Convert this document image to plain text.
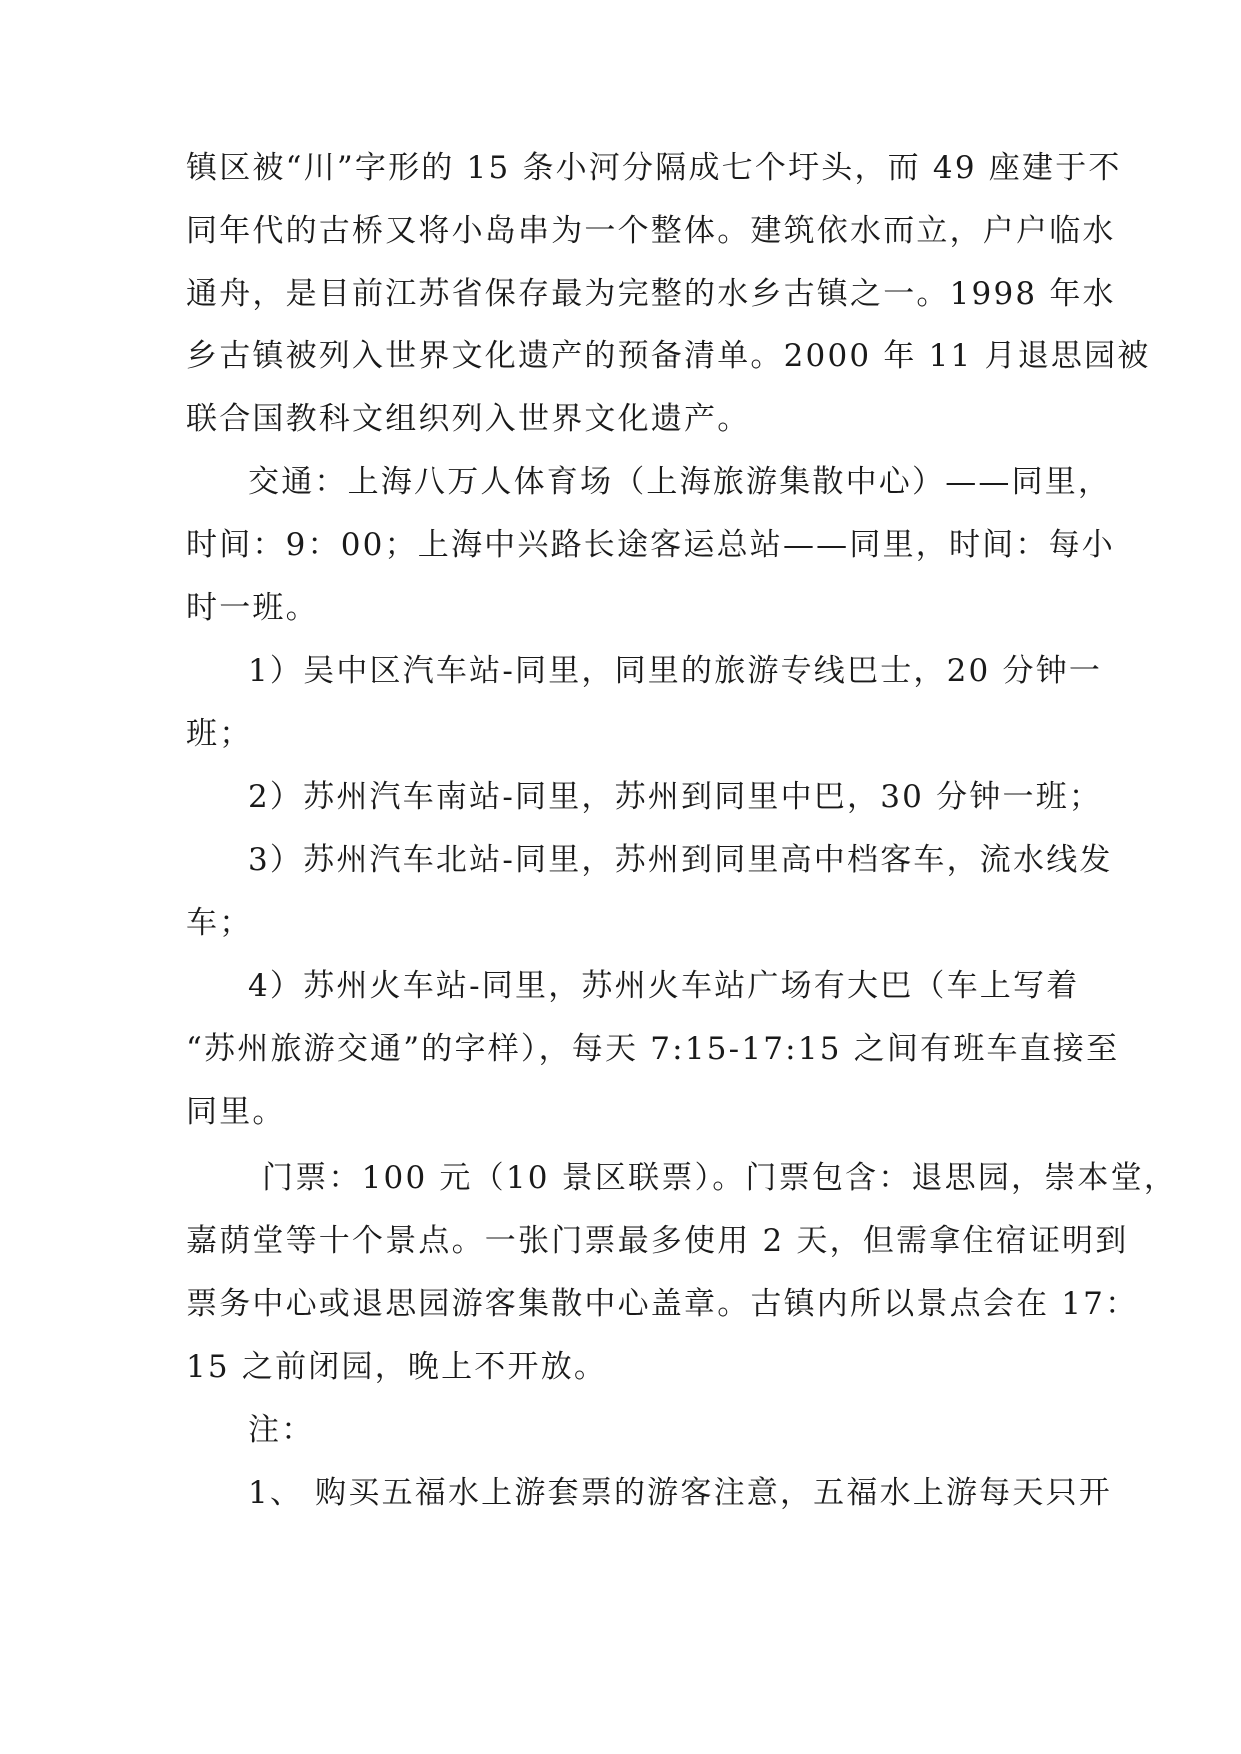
镇区被“川”字形的 15 条小河分隔成七个圩头，而 49 座建于不
同年代的古桥又将小岛串为一个整体。建筑依水而立，户户临水
通舟，是目前江苏省保存最为完整的水乡古镇之一。1998 年水
乡古镇被列入世界文化遗产的预备清单。2000 年 11 月退思园被
联合国教科文组织列入世界文化遗产。
交通：上海八万人体育场（上海旅游集散中心）——同里，
时间：9：00；上海中兴路长途客运总站——同里，时间：每小
时一班。
1）吴中区汽车站-同里，同里的旅游专线巴士，20 分钟一
班；
2）苏州汽车南站-同里，苏州到同里中巴，30 分钟一班；
3）苏州汽车北站-同里，苏州到同里高中档客车，流水线发
车；
4）苏州火车站-同里，苏州火车站广场有大巴（车上写着
“苏州旅游交通”的字样），每天 7:15-17:15 之间有班车直接至
同里。
门票：100 元（10 景区联票）。门票包含：退思园，崇本堂，
嘉荫堂等十个景点。一张门票最多使用 2 天，但需拿住宿证明到
票务中心或退思园游客集散中心盖章。古镇内所以景点会在 17：
15 之前闭园，晚上不开放。
注：
1、 购买五福水上游套票的游客注意，五福水上游每天只开
